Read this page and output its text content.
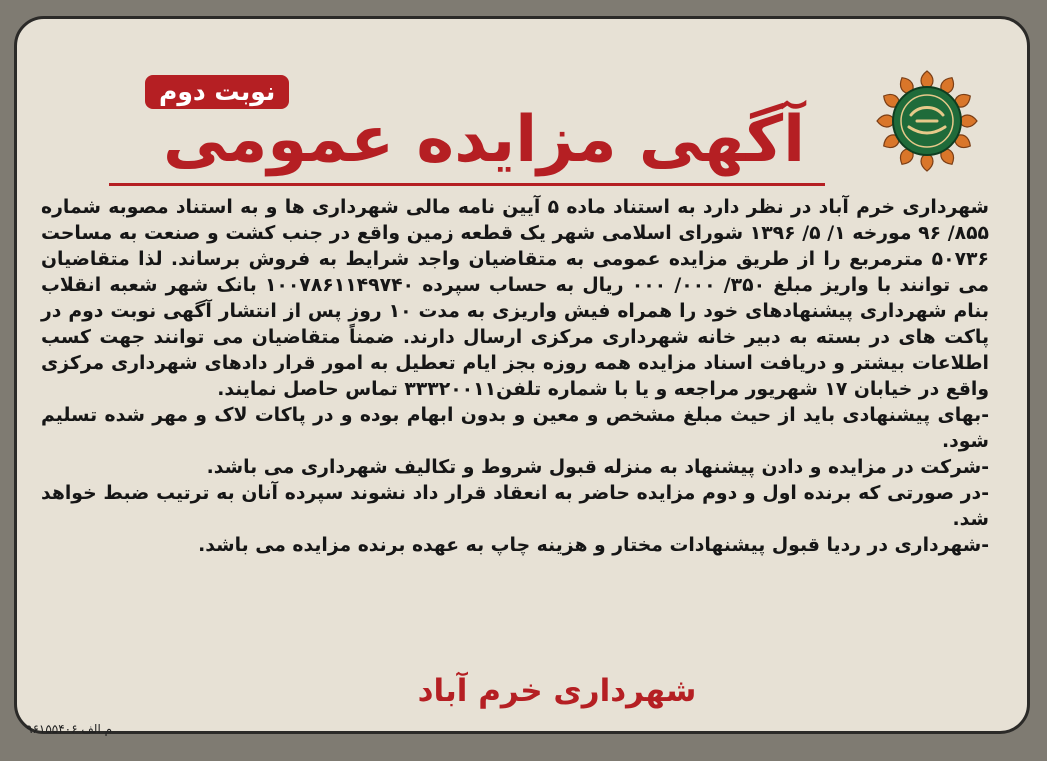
نوبت دوم
آگهی مزایده عمومی

شهرداری خرم آباد در نظر دارد به استناد ماده ۵ آیین نامه مالی شهرداری ها و به استناد مصوبه شماره ۸۵۵/ ۹۶ مورخه ۱/ ۵/ ۱۳۹۶ شورای اسلامی شهر یک قطعه زمین واقع در جنب کشت و صنعت به مساحت ۵۰۷۳۶ مترمربع را از طریق مزایده عمومی به متقاضیان واجد شرایط به فروش برساند. لذا متقاضیان می توانند با واریز مبلغ ۳۵۰/ ۰۰۰/ ۰۰۰ ریال به حساب سپرده ۱۰۰۷۸۶۱۱۴۹۷۴۰ بانک شهر شعبه انقلاب بنام شهرداری پیشنهادهای خود را همراه فیش واریزی به مدت ۱۰ روز پس از انتشار آگهی نوبت دوم در پاکت های در بسته به دبیر خانه شهرداری مرکزی ارسال دارند. ضمناً متقاضیان می توانند جهت کسب اطلاعات بیشتر و دریافت اسناد مزایده همه روزه بجز ایام تعطیل به امور قرار دادهای شهرداری مرکزی واقع در خیابان ۱۷ شهریور مراجعه و یا با شماره تلفن۳۳۳۲۰۰۱۱ تماس حاصل نمایند.

-بهای پیشنهادی باید از حیث مبلغ مشخص و معین و بدون ابهام بوده و در پاکات لاک و مهر شده تسلیم شود.

-شرکت در مزایده و دادن پیشنهاد به منزله قبول شروط و تکالیف شهرداری می باشد.

-در صورتی که برنده اول و دوم مزایده حاضر به انعقاد قرار داد نشوند سپرده آنان به ترتیب ضبط خواهد شد.

-شهرداری در ردیا قبول پیشنهادات مختار و هزینه چاپ به عهده برنده مزایده می باشد.

شهرداری خرم آباد
م الف ۹۶۱۵۵۴۰۶
